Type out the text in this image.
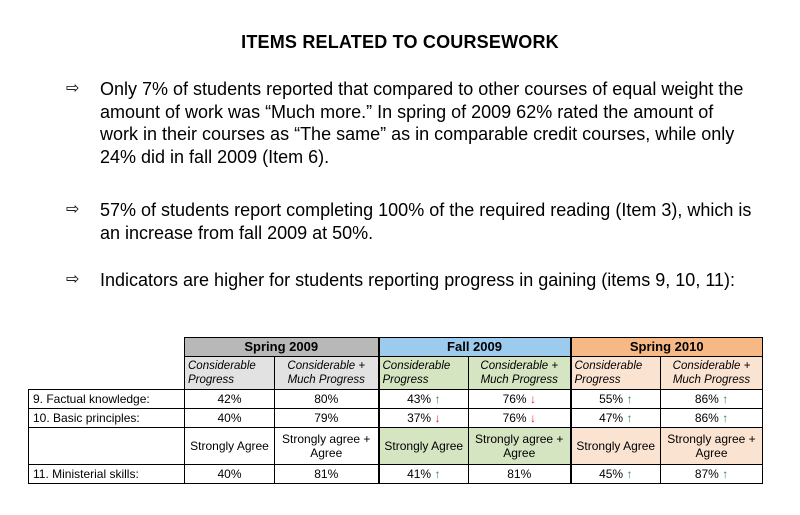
ITEMS RELATED TO COURSEWORK
⇨ Only 7% of students reported that compared to other courses of equal weight the amount of work was “Much more.” In spring of 2009 62% rated the amount of work in their courses as “The same” as in comparable credit courses, while only 24% did in fall 2009 (Item 6).
⇨ 57% of students report completing 100% of the required reading (Item 3), which is an increase from fall 2009 at 50%.
⇨ Indicators are higher for students reporting progress in gaining (items 9, 10, 11):
	Spring 2009		Fall 2009		Spring 2010	
	Considerable Progress	Considerable + Much Progress	Considerable Progress	Considerable + Much Progress	Considerable Progress	Considerable + Much Progress
9. Factual knowledge:	42%	80%	43% ↑	76% ↓	55% ↑	86% ↑
10. Basic principles:	40%	79%	37% ↓	76% ↓	47% ↑	86% ↑
	Strongly Agree	Strongly agree + Agree	Strongly Agree	Strongly agree + Agree	Strongly Agree	Strongly agree + Agree
11. Ministerial skills:	40%	81%	41% ↑	81%	45% ↑	87% ↑
